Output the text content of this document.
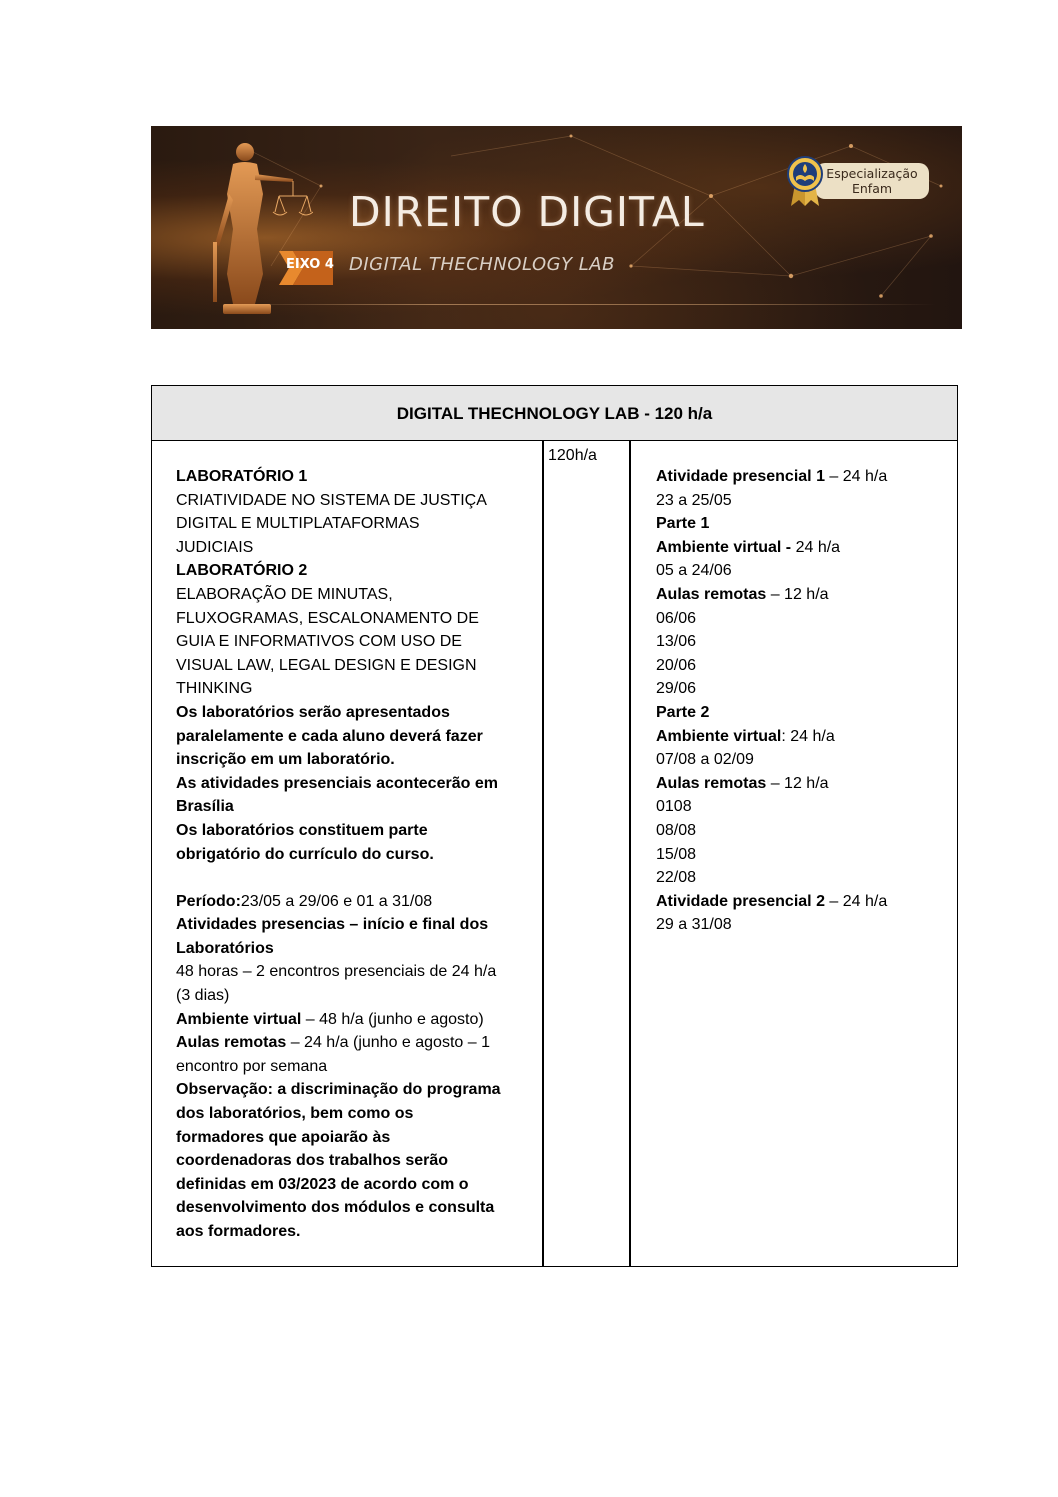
DIREITO DIGITAL
EIXO 4 DIGITAL THECHNOLOGY LAB
Especialização
Enfam
DIGITAL THECHNOLOGY LAB - 120 h/a

LABORATÓRIO 1

CRIATIVIDADE NO SISTEMA DE JUSTIÇA

DIGITAL E MULTIPLATAFORMAS

JUDICIAIS

LABORATÓRIO 2

ELABORAÇÃO DE MINUTAS,

FLUXOGRAMAS, ESCALONAMENTO DE

GUIA E INFORMATIVOS COM USO DE

VISUAL LAW, LEGAL DESIGN E DESIGN

THINKING

Os laboratórios serão apresentados

paralelamente e cada aluno deverá fazer

inscrição em um laboratório.

As atividades presenciais acontecerão em

Brasília

Os laboratórios constituem parte

obrigatório do currículo do curso.

Período:23/05 a 29/06 e 01 a 31/08

Atividades presencias – início e final dos

Laboratórios

48 horas – 2 encontros presenciais de 24 h/a

(3 dias)

Ambiente virtual – 48 h/a (junho e agosto)

Aulas remotas – 24 h/a (junho e agosto – 1

encontro por semana

Observação: a discriminação do programa

dos laboratórios, bem como os

formadores que apoiarão às

coordenadoras dos trabalhos serão

definidas em 03/2023 de acordo com o

desenvolvimento dos módulos e consulta

aos formadores.

120h/a

Atividade presencial 1 – 24 h/a

23 a 25/05

Parte 1

Ambiente virtual - 24 h/a

05 a 24/06

Aulas remotas – 12 h/a

06/06

13/06

20/06

29/06

Parte 2

Ambiente virtual: 24 h/a

07/08 a 02/09

Aulas remotas – 12 h/a

0108

08/08

15/08

22/08

Atividade presencial 2 – 24 h/a

29 a 31/08
